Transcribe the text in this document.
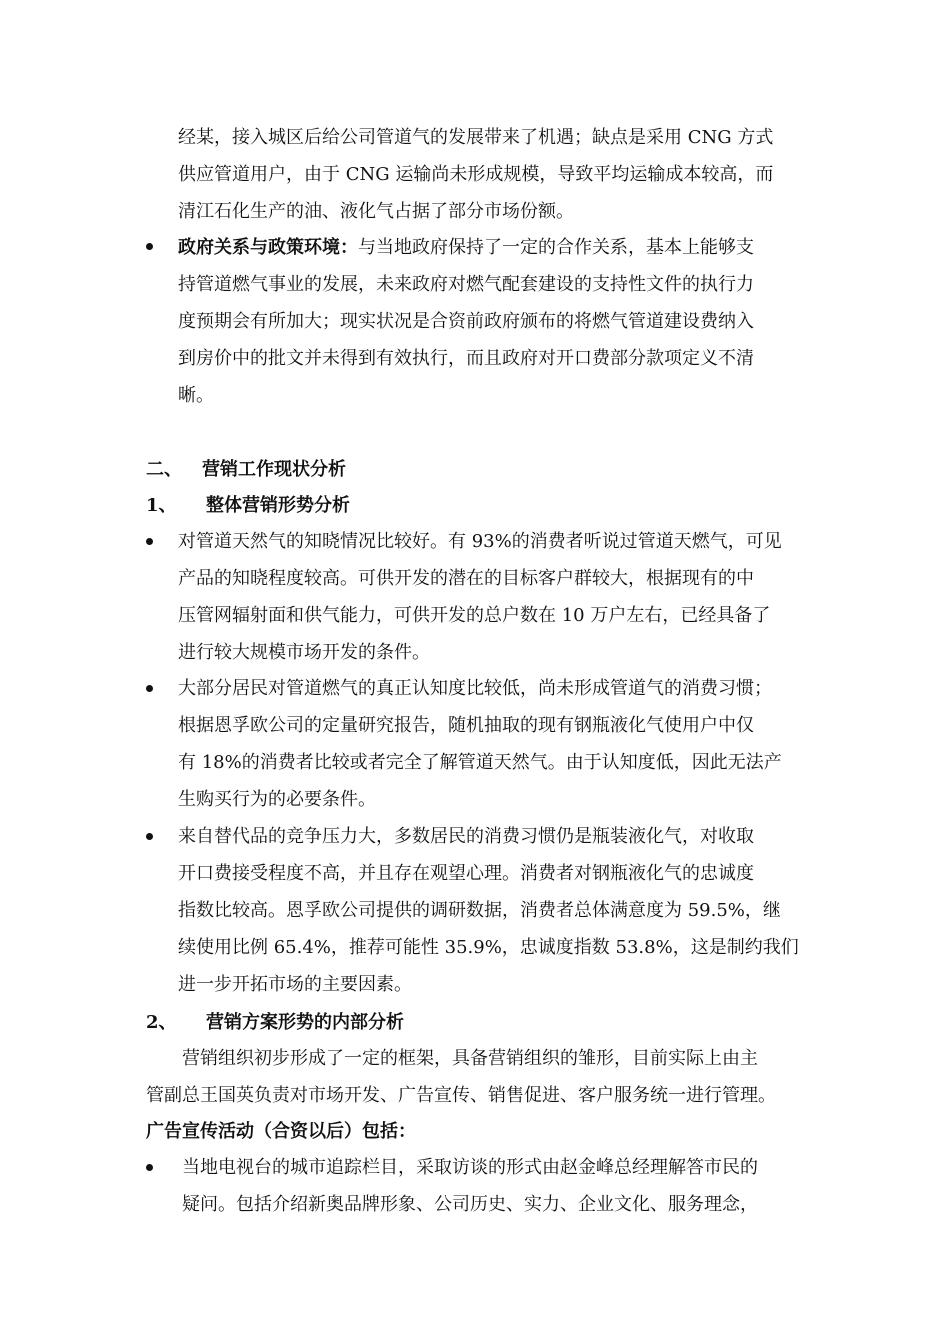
经某，接入城区后给公司管道气的发展带来了机遇；缺点是采用 CNG 方式
供应管道用户，由于 CNG 运输尚未形成规模，导致平均运输成本较高，而
清江石化生产的油、液化气占据了部分市场份额。
政府关系与政策环境：与当地政府保持了一定的合作关系，基本上能够支
持管道燃气事业的发展，未来政府对燃气配套建设的支持性文件的执行力
度预期会有所加大；现实状况是合资前政府颁布的将燃气管道建设费纳入
到房价中的批文并未得到有效执行，而且政府对开口费部分款项定义不清
晰。
二、 营销工作现状分析
1、 整体营销形势分析
对管道天然气的知晓情况比较好。有 93%的消费者听说过管道天燃气，可见
产品的知晓程度较高。可供开发的潜在的目标客户群较大，根据现有的中
压管网辐射面和供气能力，可供开发的总户数在 10 万户左右，已经具备了
进行较大规模市场开发的条件。
大部分居民对管道燃气的真正认知度比较低，尚未形成管道气的消费习惯；
根据恩孚欧公司的定量研究报告，随机抽取的现有钢瓶液化气使用户中仅
有 18%的消费者比较或者完全了解管道天然气。由于认知度低，因此无法产
生购买行为的必要条件。
来自替代品的竞争压力大，多数居民的消费习惯仍是瓶装液化气，对收取
开口费接受程度不高，并且存在观望心理。消费者对钢瓶液化气的忠诚度
指数比较高。恩孚欧公司提供的调研数据，消费者总体满意度为 59.5%，继
续使用比例 65.4%，推荐可能性 35.9%，忠诚度指数 53.8%，这是制约我们
进一步开拓市场的主要因素。
2、 营销方案形势的内部分析
营销组织初步形成了一定的框架，具备营销组织的雏形，目前实际上由主
管副总王国英负责对市场开发、广告宣传、销售促进、客户服务统一进行管理。
广告宣传活动（合资以后）包括：
当地电视台的城市追踪栏目，采取访谈的形式由赵金峰总经理解答市民的
疑问。包括介绍新奥品牌形象、公司历史、实力、企业文化、服务理念，
